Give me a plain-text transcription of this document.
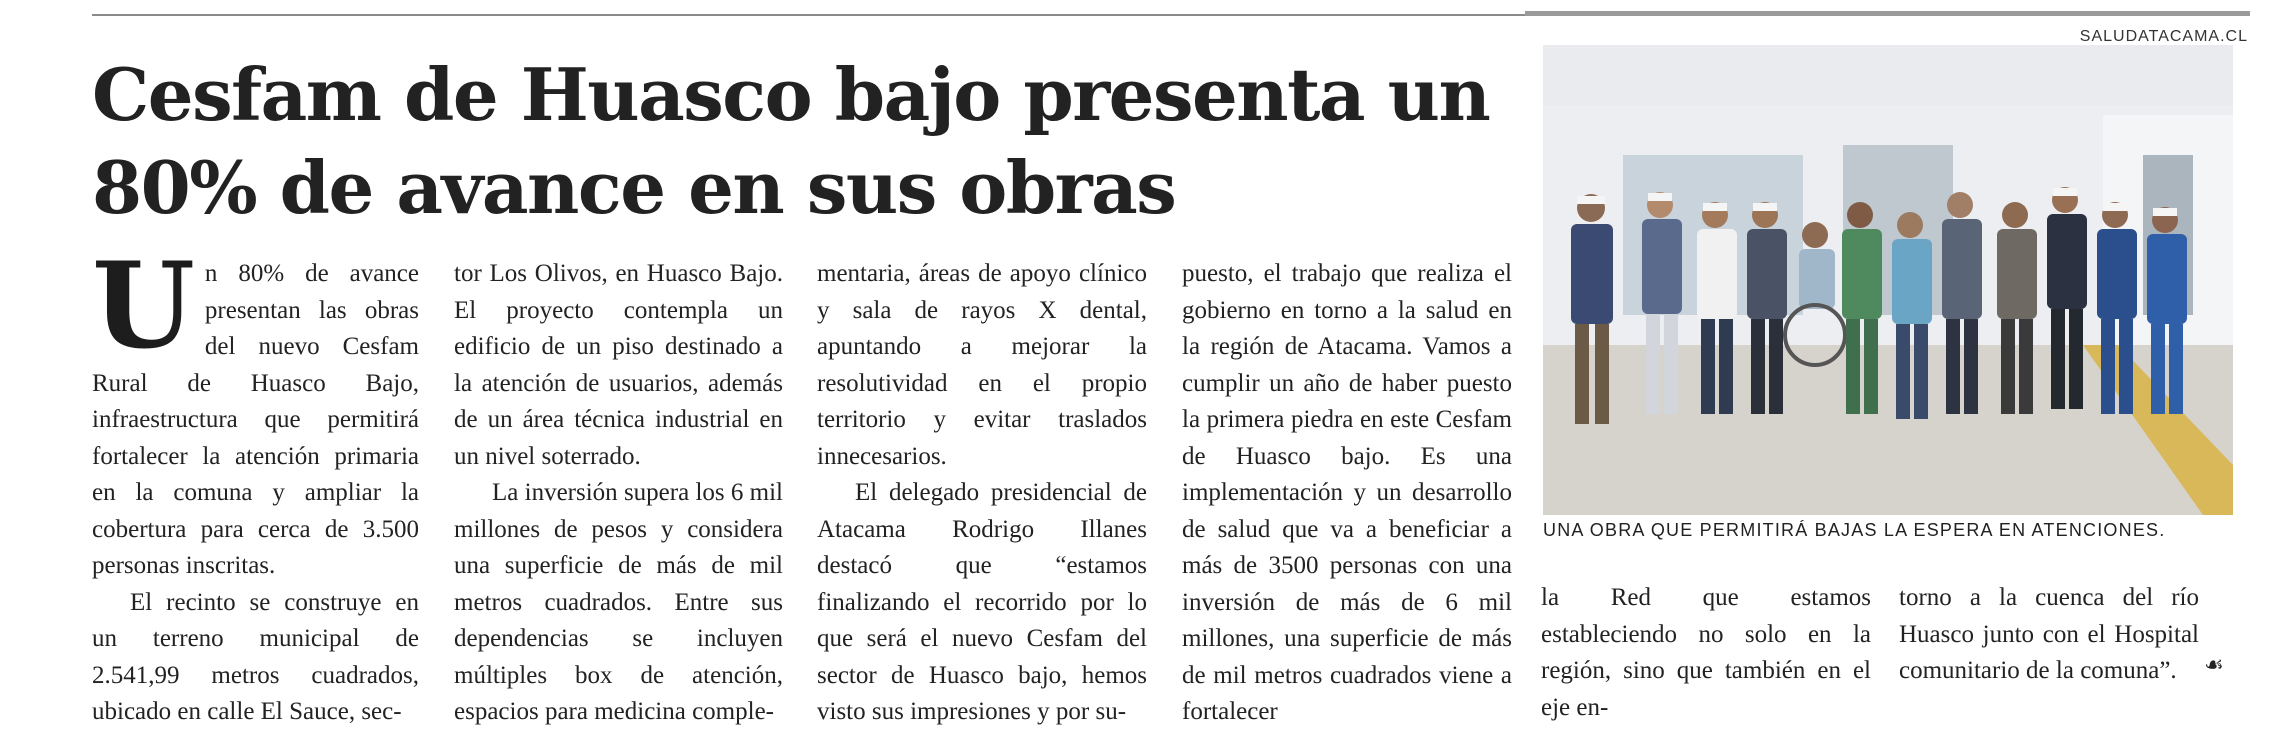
Cesfam de Huasco bajo presenta un
80% de avance en sus obras

Un 80% de avance presentan las obras del nuevo Cesfam Rural de Huasco Bajo, infraestructura que permitirá fortalecer la atención primaria en la comuna y ampliar la cobertura para cerca de 3.500 personas inscritas.

El recinto se construye en un terreno municipal de 2.541,99 metros cuadrados, ubicado en calle El Sauce, sec-

tor Los Olivos, en Huasco Bajo. El proyecto contempla un edificio de un piso destinado a la atención de usuarios, además de un área técnica industrial en un nivel soterrado.

La inversión supera los 6 mil millones de pesos y considera una superficie de más de mil metros cuadrados. Entre sus dependencias se incluyen múltiples box de atención, espacios para medicina comple-

mentaria, áreas de apoyo clínico y sala de rayos X dental, apuntando a mejorar la resolutividad en el propio territorio y evitar traslados innecesarios.

El delegado presidencial de Atacama Rodrigo Illanes destacó que “estamos finalizando el recorrido por lo que será el nuevo Cesfam del sector de Huasco bajo, hemos visto sus impresiones y por su-

puesto, el trabajo que realiza el gobierno en torno a la salud en la región de Atacama. Vamos a cumplir un año de haber puesto la primera piedra en este Cesfam de Huasco bajo. Es una implementación y un desarrollo de salud que va a beneficiar a más de 3500 personas con una inversión de más de 6 mil millones, una superficie de más de mil metros cuadrados viene a fortalecer

la Red que estamos estableciendo no solo en la región, sino que también en el eje en-

torno a la cuenca del río Huasco junto con el Hospital comunitario de la comuna”.	☙

SALUDATACAMA.CL

UNA OBRA QUE PERMITIRÁ BAJAS LA ESPERA EN ATENCIONES.
